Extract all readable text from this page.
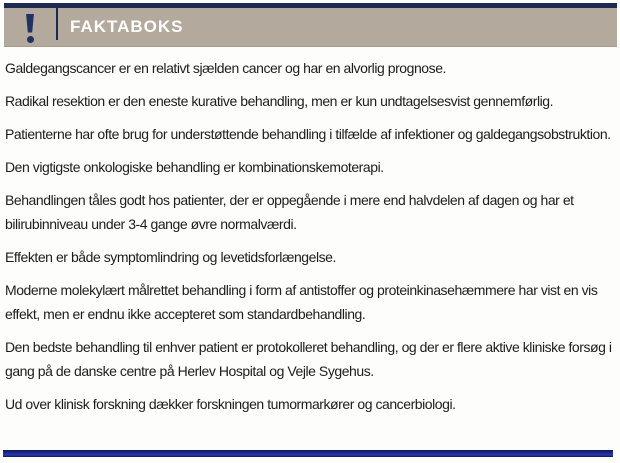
FAKTABOKS

Galdegangscancer er en relativt sjælden cancer og har en alvorlig prognose.

Radikal resektion er den eneste kurative behandling, men er kun undtagelsesvist gennemførlig.

Patienterne har ofte brug for understøttende behandling i tilfælde af infektioner og galdegangsobstruktion.

Den vigtigste onkologiske behandling er kombinationskemoterapi.

Behandlingen tåles godt hos patienter, der er oppegående i mere end halvdelen af dagen og har et bilirubinniveau under 3-4 gange øvre normalværdi.

Effekten er både symptomlindring og levetidsforlængelse.

Moderne molekylært målrettet behandling i form af antistoffer og proteinkinasehæmmere har vist en vis effekt, men er endnu ikke accepteret som standardbehandling.

Den bedste behandling til enhver patient er protokolleret behandling, og der er flere aktive kliniske forsøg i gang på de danske centre på Herlev Hospital og Vejle Sygehus.

Ud over klinisk forskning dækker forskningen tumormarkører og cancerbiologi.
